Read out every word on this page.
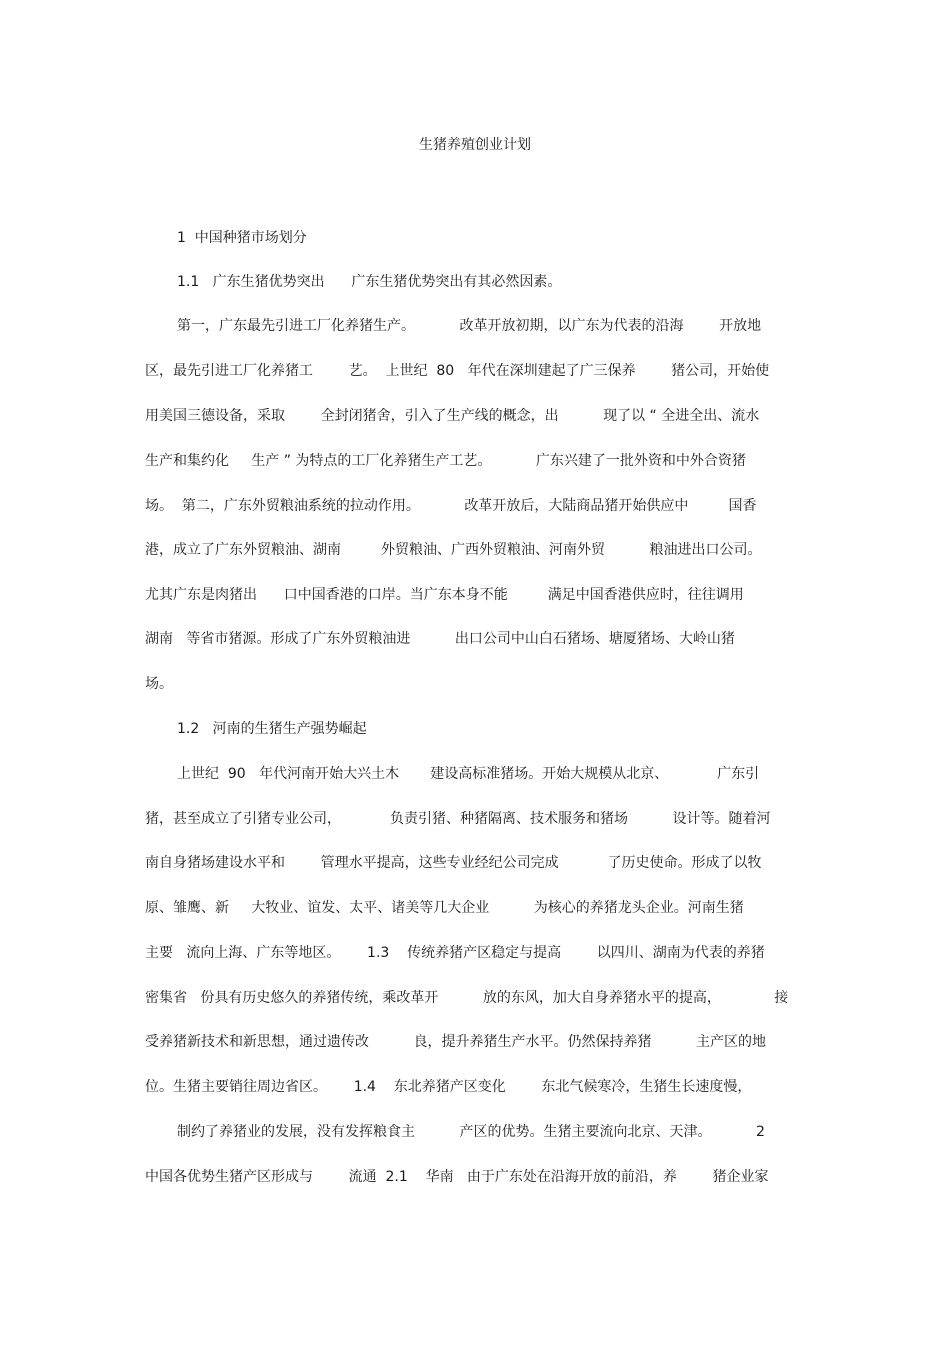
生猪养殖创业计划
1  中国种猪市场划分
1.1   广东生猪优势突出      广东生猪优势突出有其必然因素。
第一，广东最先引进工厂化养猪生产。          改革开放初期，以广东为代表的沿海        开放地
区，最先引进工厂化养猪工        艺。  上世纪  80   年代在深圳建起了广三保养        猪公司，开始使
用美国三德设备，采取        全封闭猪舍，引入了生产线的概念，出          现了以 “ 全进全出、流水
生产和集约化     生产 ” 为特点的工厂化养猪生产工艺。          广东兴建了一批外资和中外合资猪
场。  第二，广东外贸粮油系统的拉动作用。          改革开放后，大陆商品猪开始供应中         国香
港，成立了广东外贸粮油、湖南         外贸粮油、广西外贸粮油、河南外贸          粮油进出口公司。
尤其广东是肉猪出      口中国香港的口岸。当广东本身不能         满足中国香港供应时，往往调用
湖南   等省市猪源。形成了广东外贸粮油进          出口公司中山白石猪场、塘厦猪场、大岭山猪
场。
1.2   河南的生猪生产强势崛起
上世纪  90   年代河南开始大兴土木       建设高标准猪场。开始大规模从北京、           广东引
猪，甚至成立了引猪专业公司，           负责引猪、种猪隔离、技术服务和猪场          设计等。随着河
南自身猪场建设水平和        管理水平提高，这些专业经纪公司完成           了历史使命。形成了以牧
原、雏鹰、新     大牧业、谊发、太平、诸美等几大企业          为核心的养猪龙头企业。河南生猪
主要   流向上海、广东等地区。      1.3    传统养猪产区稳定与提高        以四川、湖南为代表的养猪
密集省   份具有历史悠久的养猪传统，乘改革开          放的东风，加大自身养猪水平的提高，            接
受养猪新技术和新思想，通过遗传改          良，提升养猪生产水平。仍然保持养猪          主产区的地
位。生猪主要销往周边省区。      1.4    东北养猪产区变化        东北气候寒冷，生猪生长速度慢，
制约了养猪业的发展，没有发挥粮食主          产区的优势。生猪主要流向北京、天津。          2
中国各优势生猪产区形成与        流通  2.1    华南   由于广东处在沿海开放的前沿，养        猪企业家
